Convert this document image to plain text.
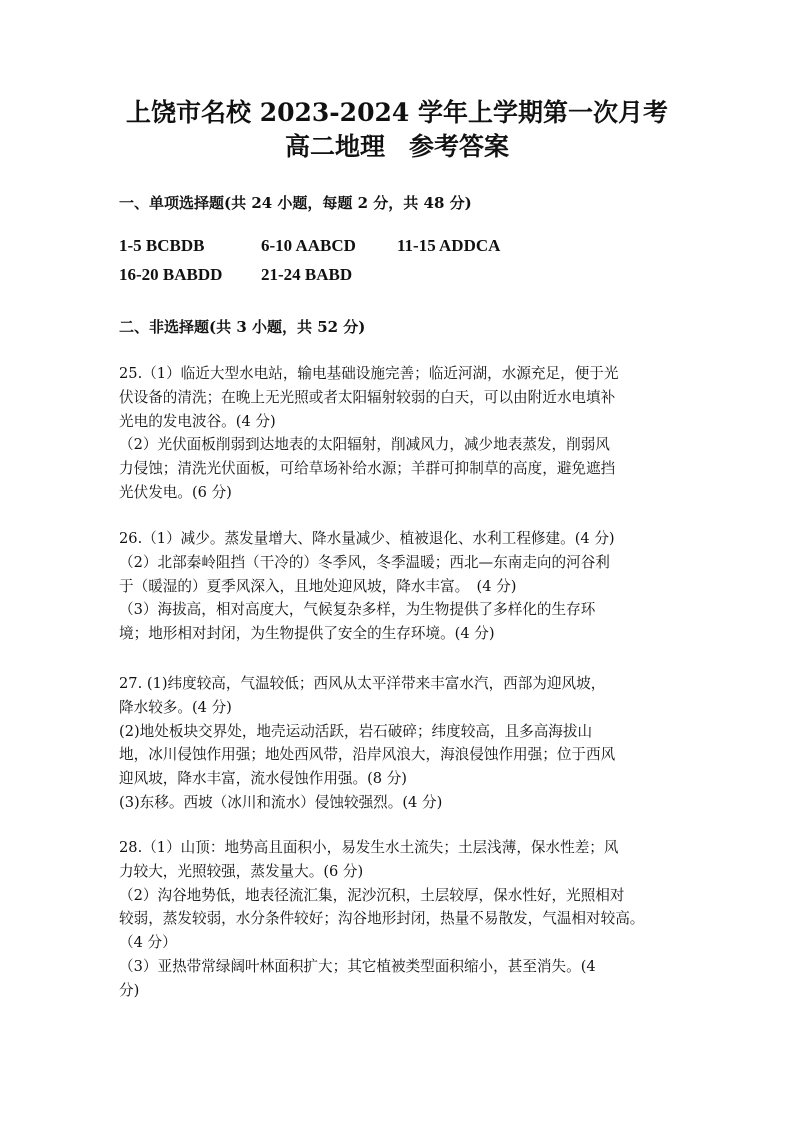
上饶市名校 2023-2024 学年上学期第一次月考
高二地理 参考答案
一、单项选择题(共 24 小题，每题 2 分，共 48 分)
1-5 BCBDB	6-10 AABCD 11-15 ADDCA
16-20 BABDD 21-24 BABD
二、非选择题(共 3 小题，共 52 分)
25.（1）临近大型水电站，输电基础设施完善；临近河湖，水源充足，便于光
伏设备的清洗；在晚上无光照或者太阳辐射较弱的白天，可以由附近水电填补
光电的发电波谷。(4 分)
（2）光伏面板削弱到达地表的太阳辐射，削减风力，减少地表蒸发，削弱风
力侵蚀；清洗光伏面板，可给草场补给水源；羊群可抑制草的高度，避免遮挡
光伏发电。(6 分)
26.（1）减少。蒸发量增大、降水量减少、植被退化、水利工程修建。(4 分)
（2）北部秦岭阻挡（干冷的）冬季风，冬季温暖；西北—东南走向的河谷利
于（暖湿的）夏季风深入，且地处迎风坡，降水丰富。　(4 分)
（3）海拔高，相对高度大，气候复杂多样，为生物提供了多样化的生存环
境；地形相对封闭，为生物提供了安全的生存环境。(4 分)
27. (1)纬度较高，气温较低；西风从太平洋带来丰富水汽，西部为迎风坡，
降水较多。(4 分)
(2)地处板块交界处，地壳运动活跃，岩石破碎；纬度较高，且多高海拔山
地，冰川侵蚀作用强；地处西风带，沿岸风浪大，海浪侵蚀作用强；位于西风
迎风坡，降水丰富，流水侵蚀作用强。(8 分)
(3)东移。西坡（冰川和流水）侵蚀较强烈。(4 分)
28.（1）山顶：地势高且面积小，易发生水土流失；土层浅薄，保水性差；风
力较大，光照较强，蒸发量大。(6 分)
（2）沟谷地势低，地表径流汇集，泥沙沉积，土层较厚，保水性好，光照相对
较弱，蒸发较弱，水分条件较好；沟谷地形封闭，热量不易散发，气温相对较高。
（4 分）
（3）亚热带常绿阔叶林面积扩大；其它植被类型面积缩小，甚至消失。(4
分)
